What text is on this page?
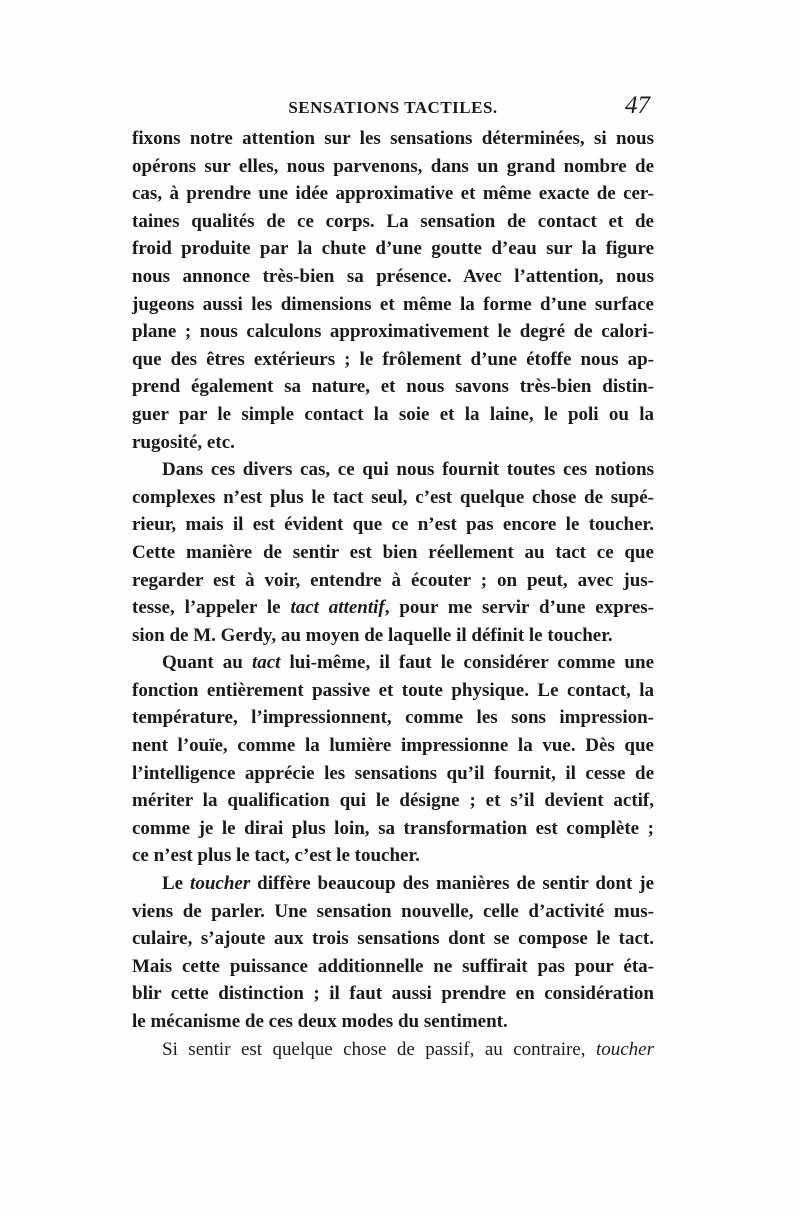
SENSATIONS TACTILES.	47
fixons notre attention sur les sensations déterminées, si nous
opérons sur elles, nous parvenons, dans un grand nombre de
cas, à prendre une idée approximative et même exacte de cer-
taines qualités de ce corps. La sensation de contact et de
froid produite par la chute d’une goutte d’eau sur la figure
nous annonce très-bien sa présence. Avec l’attention, nous
jugeons aussi les dimensions et même la forme d’une surface
plane ; nous calculons approximativement le degré de calori-
que des êtres extérieurs ; le frôlement d’une étoffe nous ap-
prend également sa nature, et nous savons très-bien distin-
guer par le simple contact la soie et la laine, le poli ou la
rugosité, etc.
Dans ces divers cas, ce qui nous fournit toutes ces notions
complexes n’est plus le tact seul, c’est quelque chose de supé-
rieur, mais il est évident que ce n’est pas encore le toucher.
Cette manière de sentir est bien réellement au tact ce que
regarder est à voir, entendre à écouter ; on peut, avec jus-
tesse, l’appeler le tact attentif, pour me servir d’une expres-
sion de M. Gerdy, au moyen de laquelle il définit le toucher.
Quant au tact lui-même, il faut le considérer comme une
fonction entièrement passive et toute physique. Le contact, la
température, l’impressionnent, comme les sons impression-
nent l’ouïe, comme la lumière impressionne la vue. Dès que
l’intelligence apprécie les sensations qu’il fournit, il cesse de
mériter la qualification qui le désigne ; et s’il devient actif,
comme je le dirai plus loin, sa transformation est complète ;
ce n’est plus le tact, c’est le toucher.
Le toucher diffère beaucoup des manières de sentir dont je
viens de parler. Une sensation nouvelle, celle d’activité mus-
culaire, s’ajoute aux trois sensations dont se compose le tact.
Mais cette puissance additionnelle ne suffirait pas pour éta-
blir cette distinction ; il faut aussi prendre en considération
le mécanisme de ces deux modes du sentiment.
Si sentir est quelque chose de passif, au contraire, toucher
